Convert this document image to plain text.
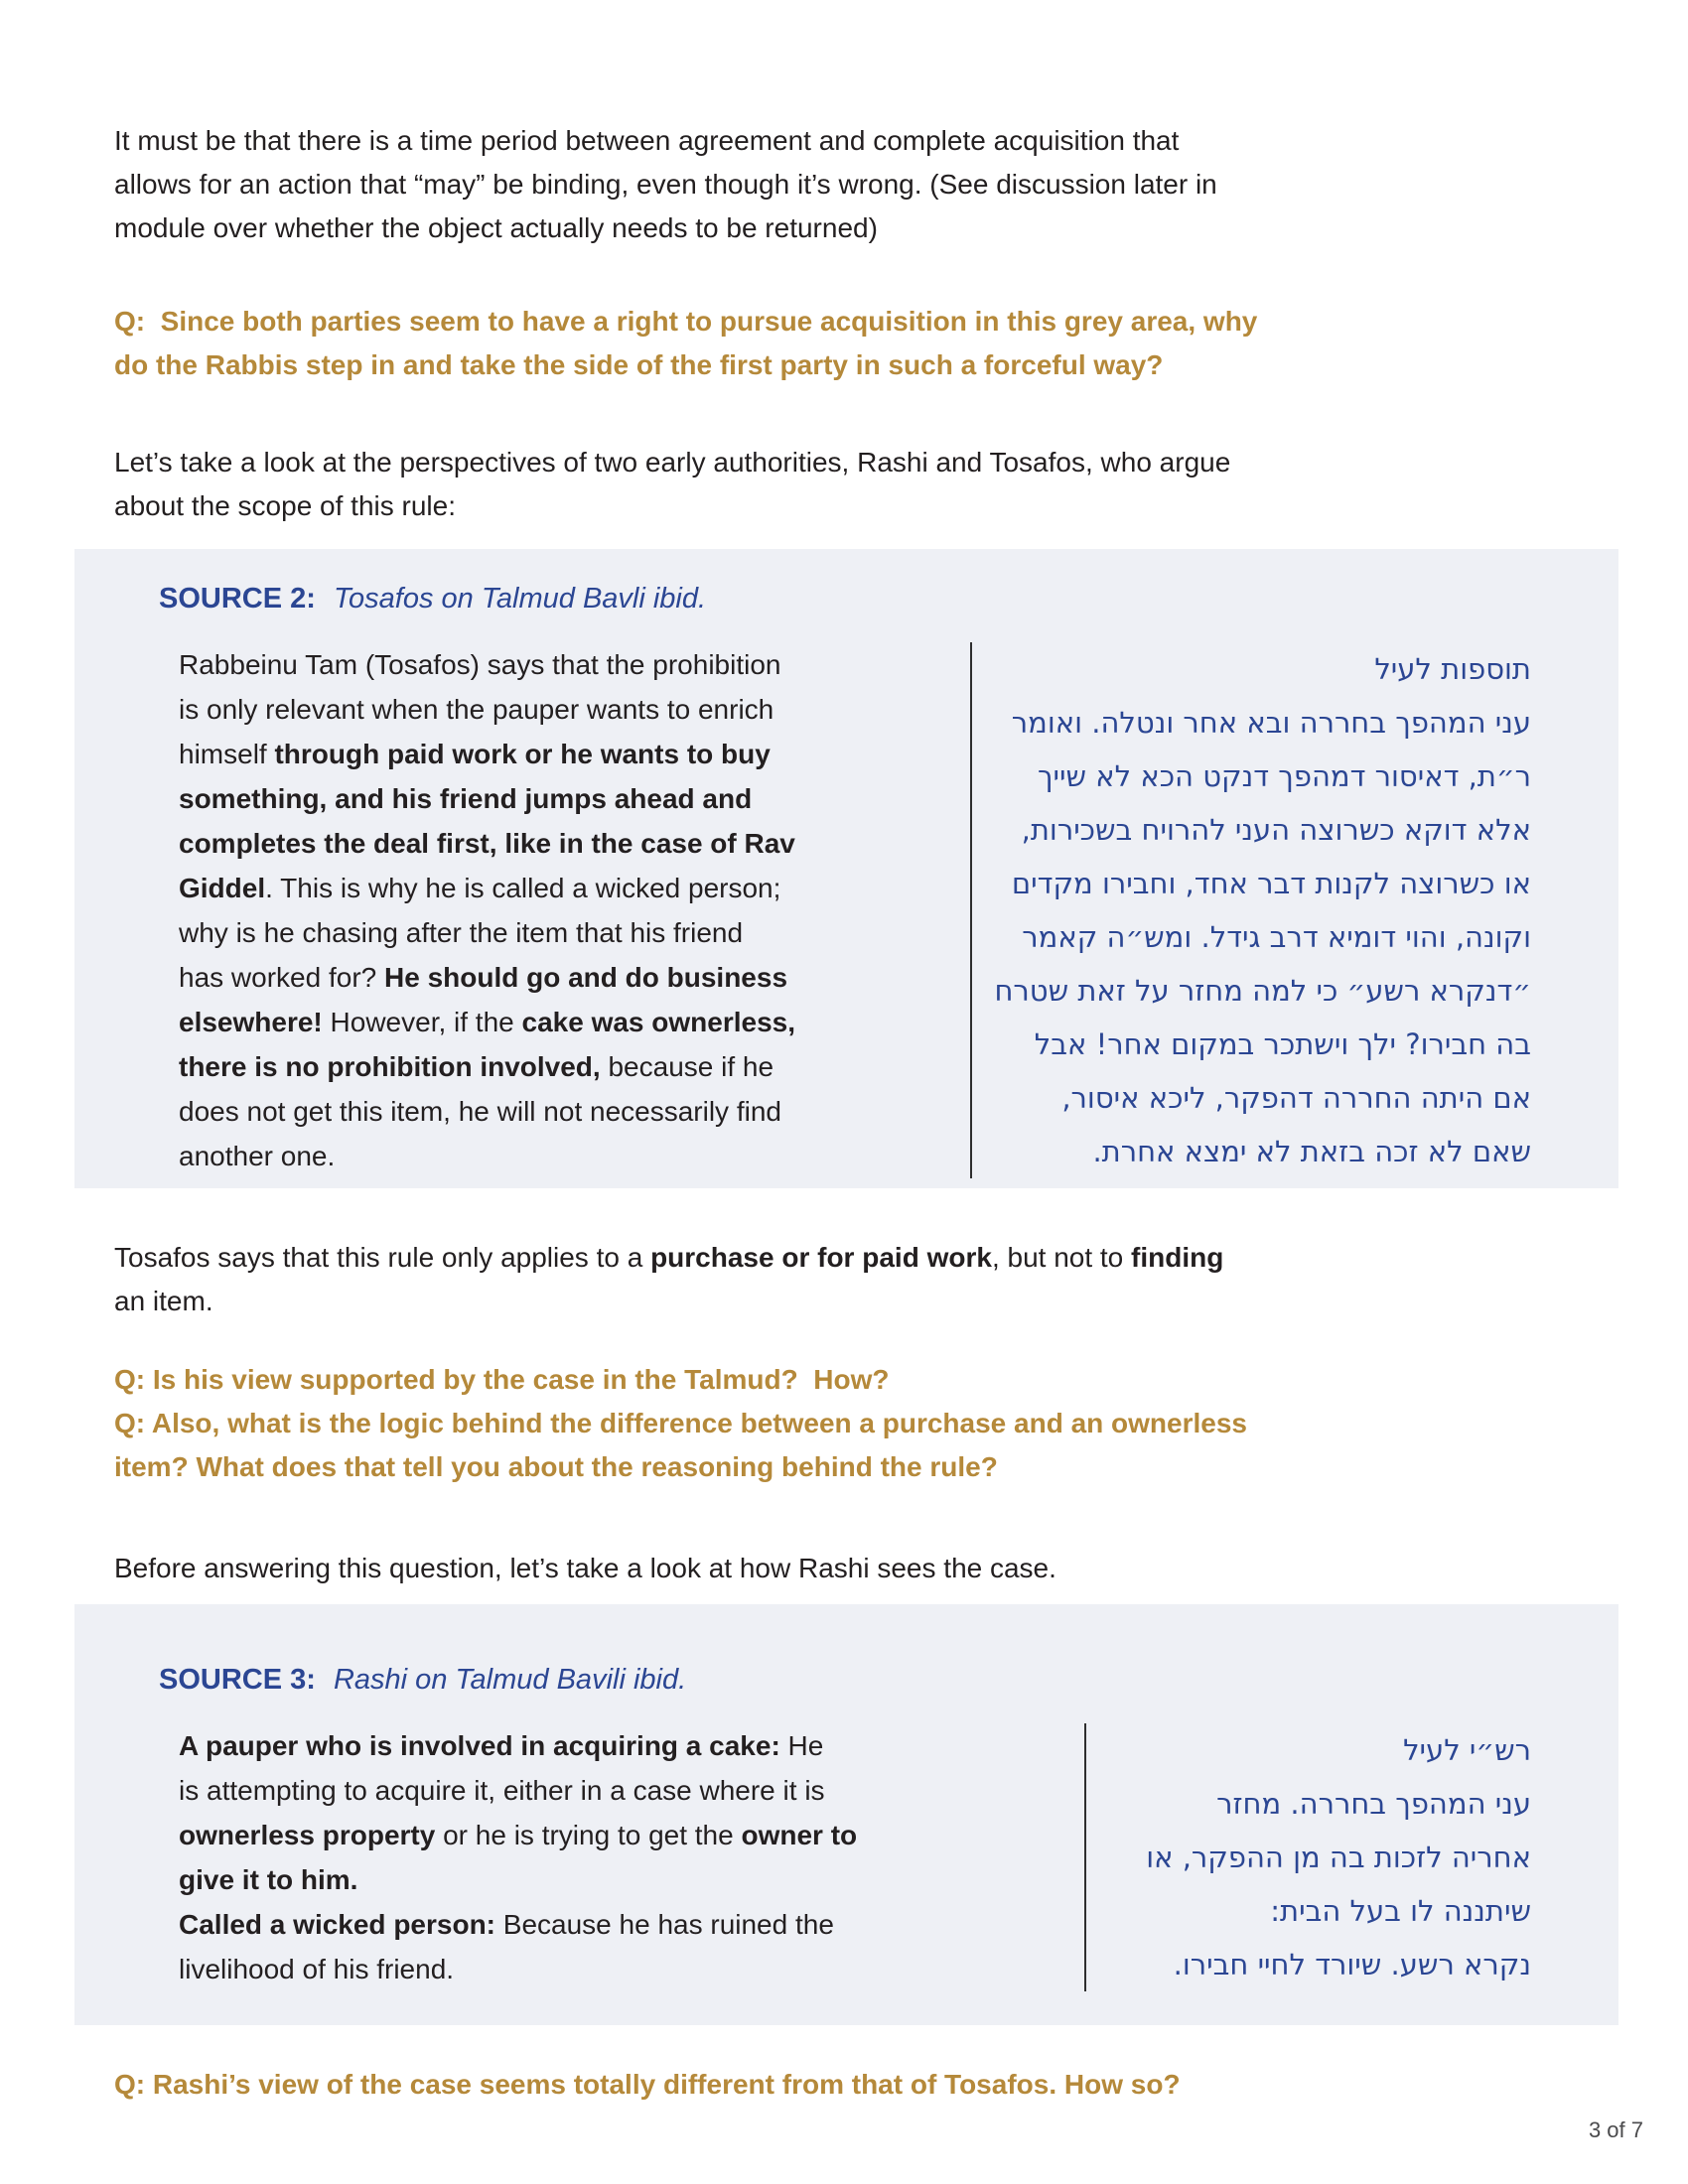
It must be that there is a time period between agreement and complete acquisition that
allows for an action that “may” be binding, even though it’s wrong. (See discussion later in
module over whether the object actually needs to be returned)
Q:  Since both parties seem to have a right to pursue acquisition in this grey area, why
do the Rabbis step in and take the side of the first party in such a forceful way?
Let’s take a look at the perspectives of two early authorities, Rashi and Tosafos, who argue
about the scope of this rule:
SOURCE 2: Tosafos on Talmud Bavli ibid.
Rabbeinu Tam (Tosafos) says that the prohibition
is only relevant when the pauper wants to enrich
himself through paid work or he wants to buy
something, and his friend jumps ahead and
completes the deal first, like in the case of Rav
Giddel. This is why he is called a wicked person;
why is he chasing after the item that his friend
has worked for? He should go and do business
elsewhere! However, if the cake was ownerless,
there is no prohibition involved, because if he
does not get this item, he will not necessarily find
another one.
תוספות לעיל
עני המהפך בחררה ובא אחר ונטלה. ואומר
ר״ת, דאיסור דמהפך דנקט הכא לא שייך
אלא דוקא כשרוצה העני להרויח בשכירות,
או כשרוצה לקנות דבר אחד, וחבירו מקדים
וקונה, והוי דומיא דרב גידל. ומש״ה קאמר
״דנקרא רשע״ כי למה מחזר על זאת שטרח
בה חבירו? ילך וישתכר במקום אחר! אבל
אם היתה החררה דהפקר, ליכא איסור,
שאם לא זכה בזאת לא ימצא אחרת.
Tosafos says that this rule only applies to a purchase or for paid work, but not to finding
an item.
Q: Is his view supported by the case in the Talmud?  How?
Q: Also, what is the logic behind the difference between a purchase and an ownerless
item? What does that tell you about the reasoning behind the rule?
Before answering this question, let’s take a look at how Rashi sees the case.
SOURCE 3: Rashi on Talmud Bavili ibid.
A pauper who is involved in acquiring a cake: He
is attempting to acquire it, either in a case where it is
ownerless property or he is trying to get the owner to
give it to him.
Called a wicked person: Because he has ruined the
livelihood of his friend.
רש״י לעיל
עני המהפך בחררה. מחזר
אחריה לזכות בה מן ההפקר, או
שיתננה לו בעל הבית:
נקרא רשע. שיורד לחיי חבירו.
Q: Rashi’s view of the case seems totally different from that of Tosafos. How so?
3 of 7
